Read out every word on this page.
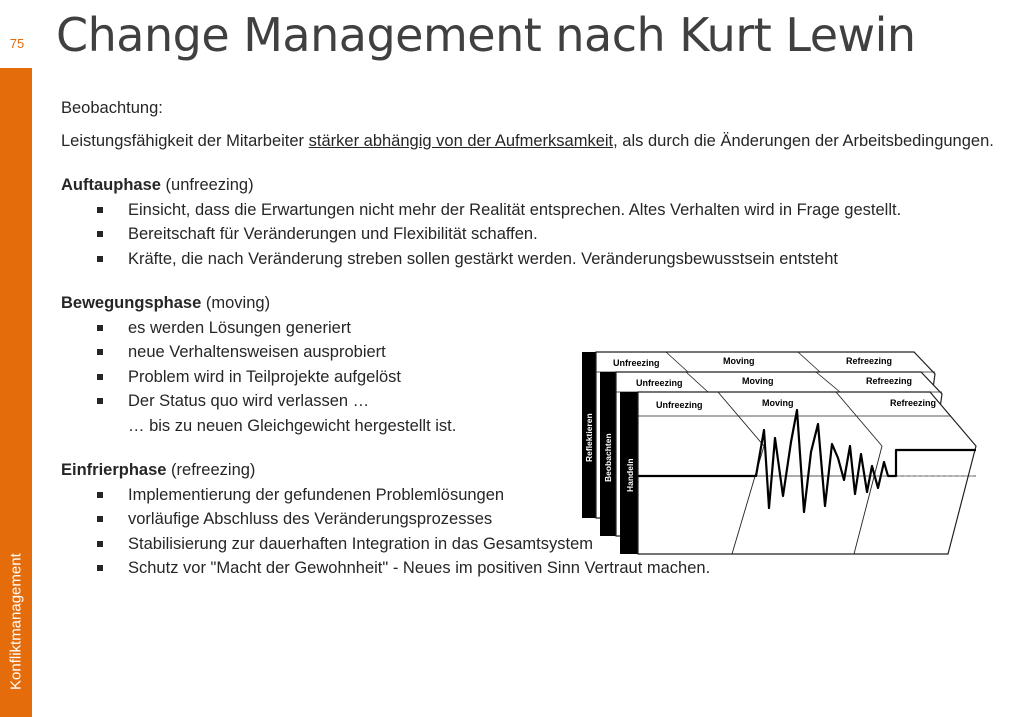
Konfliktmanagement
75 Change Management nach Kurt Lewin

Beobachtung:

Leistungsfähigkeit der Mitarbeiter stärker abhängig von der Aufmerksamkeit, als durch die Änderungen der Arbeitsbedingungen.

Auftauphase (unfreezing)

Einsicht, dass die Erwartungen nicht mehr der Realität entsprechen. Altes Verhalten wird in Frage gestellt.
Bereitschaft für Veränderungen und Flexibilität schaffen.
Kräfte, die nach Veränderung streben sollen gestärkt werden. Veränderungsbewusstsein entsteht

Bewegungsphase (moving)

es werden Lösungen generiert
neue Verhaltensweisen ausprobiert
Problem wird in Teilprojekte aufgelöst
Der Status quo wird verlassen …
… bis zu neuen Gleichgewicht hergestellt ist.

Einfrierphase (refreezing)

Implementierung der gefundenen Problemlösungen
vorläufige Abschluss des Veränderungsprozesses
Stabilisierung zur dauerhaften Integration in das Gesamtsystem
Schutz vor "Macht der Gewohnheit" - Neues im positiven Sinn Vertraut machen.
Unfreezing	Moving	Refreezing
Reflektieren
Unfreezing	Moving	Refreezing
Beobachten
Unfreezing	Moving	Refreezing
Handeln
